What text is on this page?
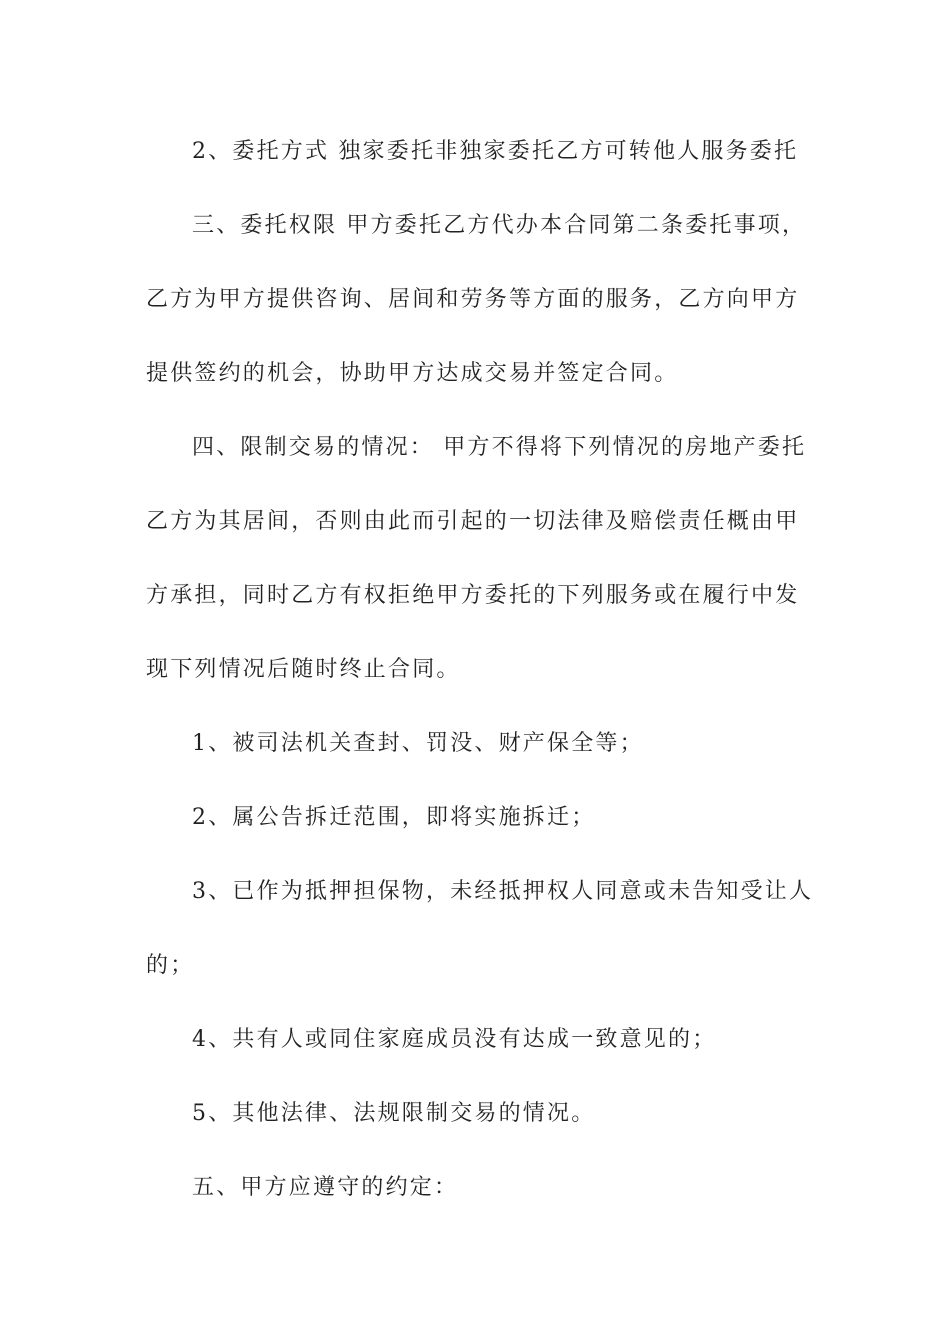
2、委托方式 独家委托非独家委托乙方可转他人服务委托
三、委托权限 甲方委托乙方代办本合同第二条委托事项，
乙方为甲方提供咨询、居间和劳务等方面的服务，乙方向甲方
提供签约的机会，协助甲方达成交易并签定合同。
四、限制交易的情况： 甲方不得将下列情况的房地产委托
乙方为其居间，否则由此而引起的一切法律及赔偿责任概由甲
方承担，同时乙方有权拒绝甲方委托的下列服务或在履行中发
现下列情况后随时终止合同。
1、被司法机关查封、罚没、财产保全等；
2、属公告拆迁范围，即将实施拆迁；
3、已作为抵押担保物，未经抵押权人同意或未告知受让人
的；
4、共有人或同住家庭成员没有达成一致意见的；
5、其他法律、法规限制交易的情况。
五、甲方应遵守的约定：
